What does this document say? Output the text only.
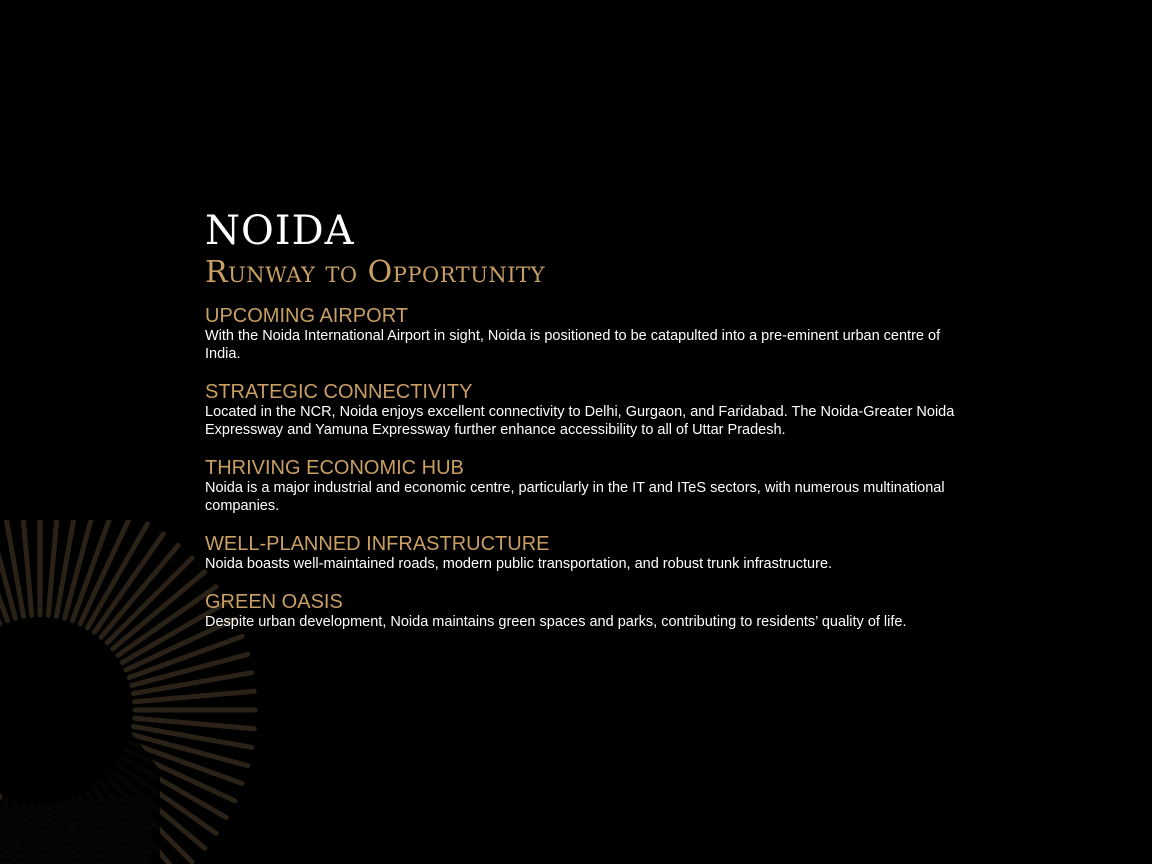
NOIDA
Runway to Opportunity
UPCOMING AIRPORT

With the Noida International Airport in sight, Noida is positioned to be catapulted into a pre-eminent urban centre of India.

STRATEGIC CONNECTIVITY

Located in the NCR, Noida enjoys excellent connectivity to Delhi, Gurgaon, and Faridabad. The Noida-Greater Noida Expressway and Yamuna Expressway further enhance accessibility to all of Uttar Pradesh.

THRIVING ECONOMIC HUB

Noida is a major industrial and economic centre, particularly in the IT and ITeS sectors, with numerous multinational companies.

WELL-PLANNED INFRASTRUCTURE

Noida boasts well-maintained roads, modern public transportation, and robust trunk infrastructure.

GREEN OASIS

Despite urban development, Noida maintains green spaces and parks, contributing to residents’ quality of life.
